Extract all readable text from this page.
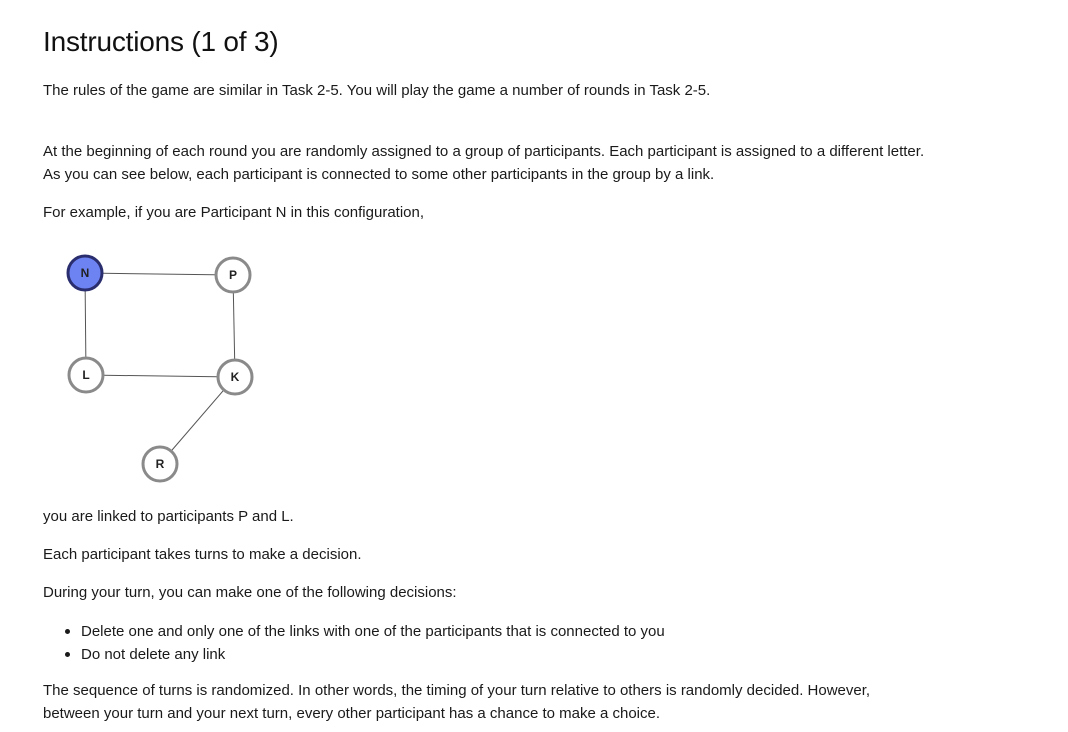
Instructions (1 of 3)

The rules of the game are similar in Task 2-5. You will play the game a number of rounds in Task 2-5.

At the beginning of each round you are randomly assigned to a group of participants. Each participant is assigned to a different letter. As you can see below, each participant is connected to some other participants in the group by a link.

For example, if you are Participant N in this configuration,

N	P
L	K
R

you are linked to participants P and L.

Each participant takes turns to make a decision.

During your turn, you can make one of the following decisions:

Delete one and only one of the links with one of the participants that is connected to you
Do not delete any link

The sequence of turns is randomized. In other words, the timing of your turn relative to others is randomly decided. However, between your turn and your next turn, every other participant has a chance to make a choice.
